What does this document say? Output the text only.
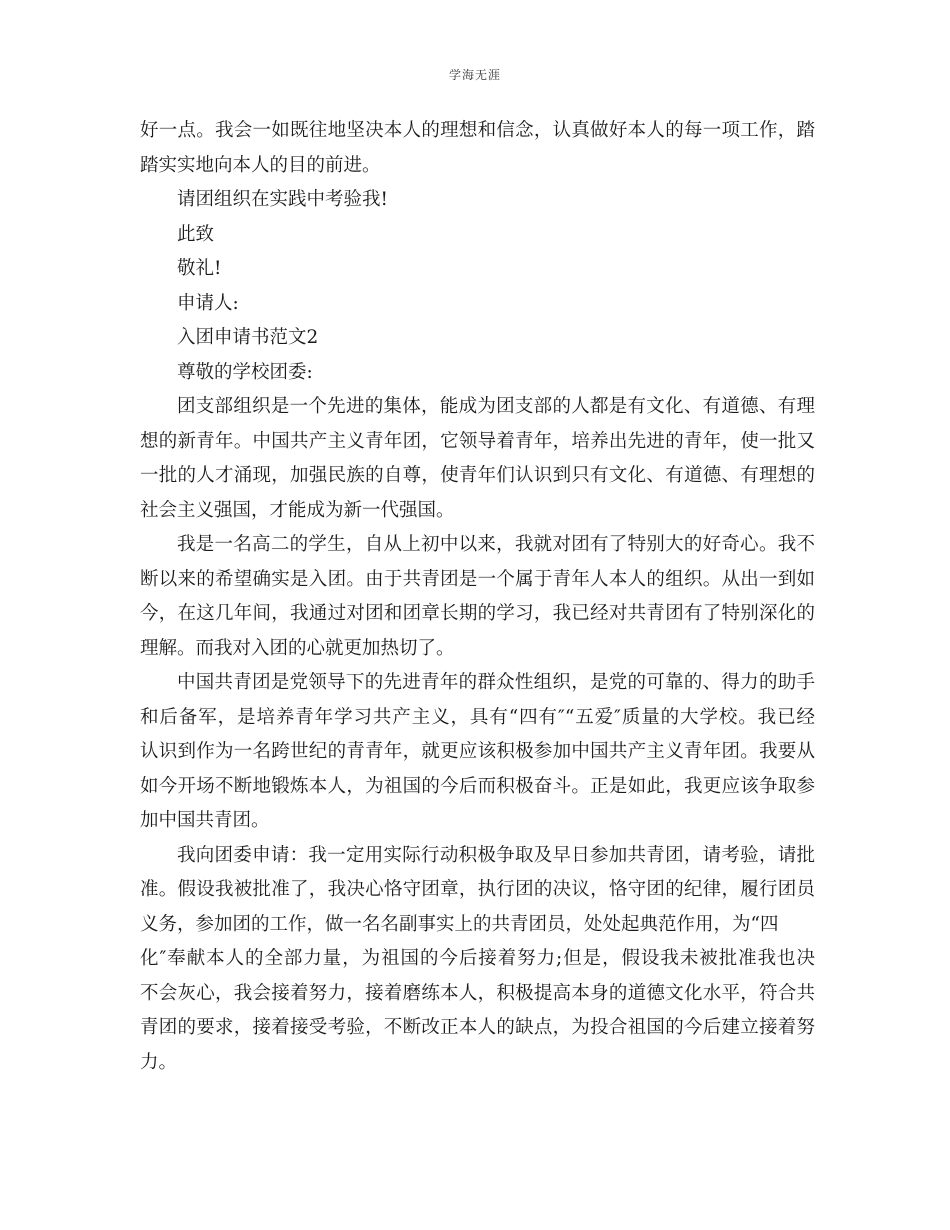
学海无涯
好一点。我会一如既往地坚决本人的理想和信念，认真做好本人的每一项工作，踏
踏实实地向本人的目的前进。
请团组织在实践中考验我!
此致
敬礼!
申请人:
入团申请书范文2
尊敬的学校团委:
团支部组织是一个先进的集体，能成为团支部的人都是有文化、有道德、有理
想的新青年。中国共产主义青年团，它领导着青年，培养出先进的青年，使一批又
一批的人才涌现，加强民族的自尊，使青年们认识到只有文化、有道德、有理想的
社会主义强国，才能成为新一代强国。
我是一名高二的学生，自从上初中以来，我就对团有了特别大的好奇心。我不
断以来的希望确实是入团。由于共青团是一个属于青年人本人的组织。从出一到如
今，在这几年间，我通过对团和团章长期的学习，我已经对共青团有了特别深化的
理解。而我对入团的心就更加热切了。
中国共青团是党领导下的先进青年的群众性组织，是党的可靠的、得力的助手
和后备军，是培养青年学习共产主义，具有“四有″“五爱″质量的大学校。我已经
认识到作为一名跨世纪的青青年，就更应该积极参加中国共产主义青年团。我要从
如今开场不断地锻炼本人，为祖国的今后而积极奋斗。正是如此，我更应该争取参
加中国共青团。
我向团委申请：我一定用实际行动积极争取及早日参加共青团，请考验，请批
准。假设我被批准了，我决心恪守团章，执行团的决议，恪守团的纪律，履行团员
义务，参加团的工作，做一名名副事实上的共青团员，处处起典范作用，为“四
化″奉献本人的全部力量，为祖国的今后接着努力;但是，假设我未被批准我也决
不会灰心，我会接着努力，接着磨练本人，积极提高本身的道德文化水平，符合共
青团的要求，接着接受考验，不断改正本人的缺点，为投合祖国的今后建立接着努
力。
